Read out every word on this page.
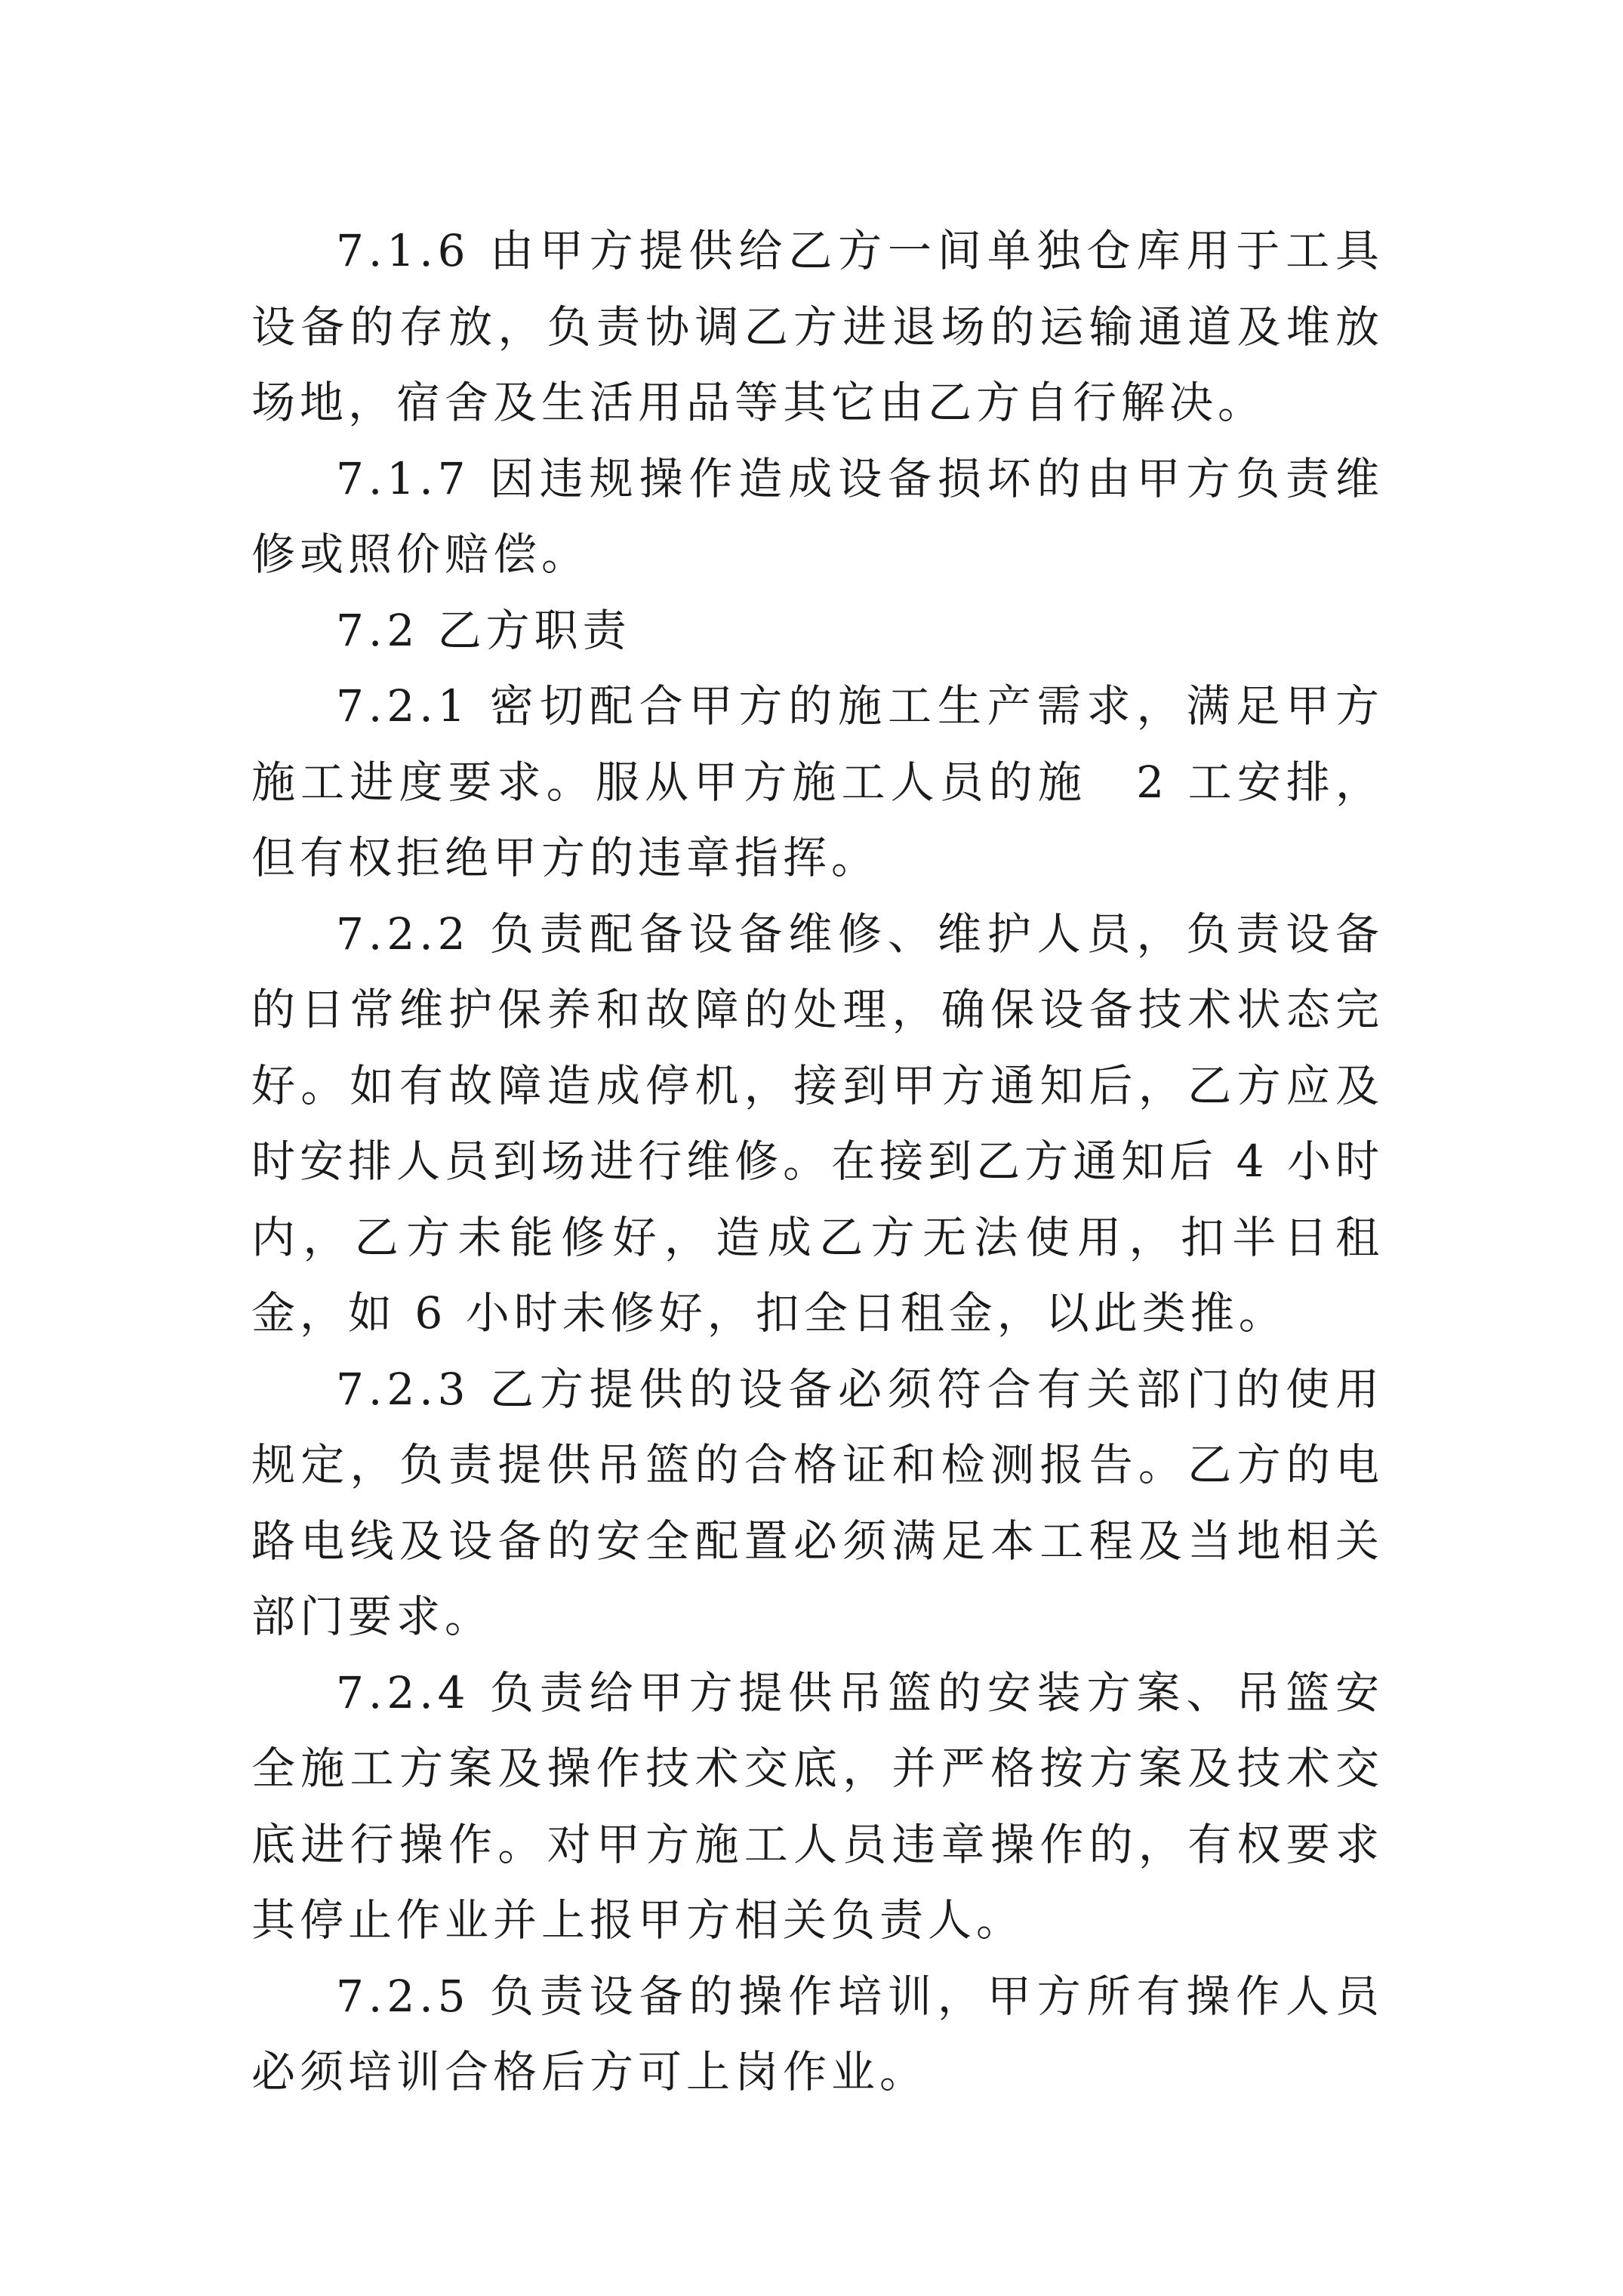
7.1.6 由甲方提供给乙方一间单独仓库用于工具设备的存放，负责协调乙方进退场的运输通道及堆放场地，宿舍及生活用品等其它由乙方自行解决。

7.1.7 因违规操作造成设备损坏的由甲方负责维修或照价赔偿。

7.2 乙方职责

7.2.1 密切配合甲方的施工生产需求，满足甲方施工进度要求。服从甲方施工人员的施　2 工安排，但有权拒绝甲方的违章指挥。

7.2.2 负责配备设备维修、维护人员，负责设备的日常维护保养和故障的处理，确保设备技术状态完好。如有故障造成停机，接到甲方通知后，乙方应及时安排人员到场进行维修。在接到乙方通知后 4 小时内，乙方未能修好，造成乙方无法使用，扣半日租金，如 6 小时未修好，扣全日租金，以此类推。

7.2.3 乙方提供的设备必须符合有关部门的使用规定，负责提供吊篮的合格证和检测报告。乙方的电路电线及设备的安全配置必须满足本工程及当地相关部门要求。

7.2.4 负责给甲方提供吊篮的安装方案、吊篮安全施工方案及操作技术交底，并严格按方案及技术交底进行操作。对甲方施工人员违章操作的，有权要求其停止作业并上报甲方相关负责人。

7.2.5 负责设备的操作培训，甲方所有操作人员必须培训合格后方可上岗作业。
